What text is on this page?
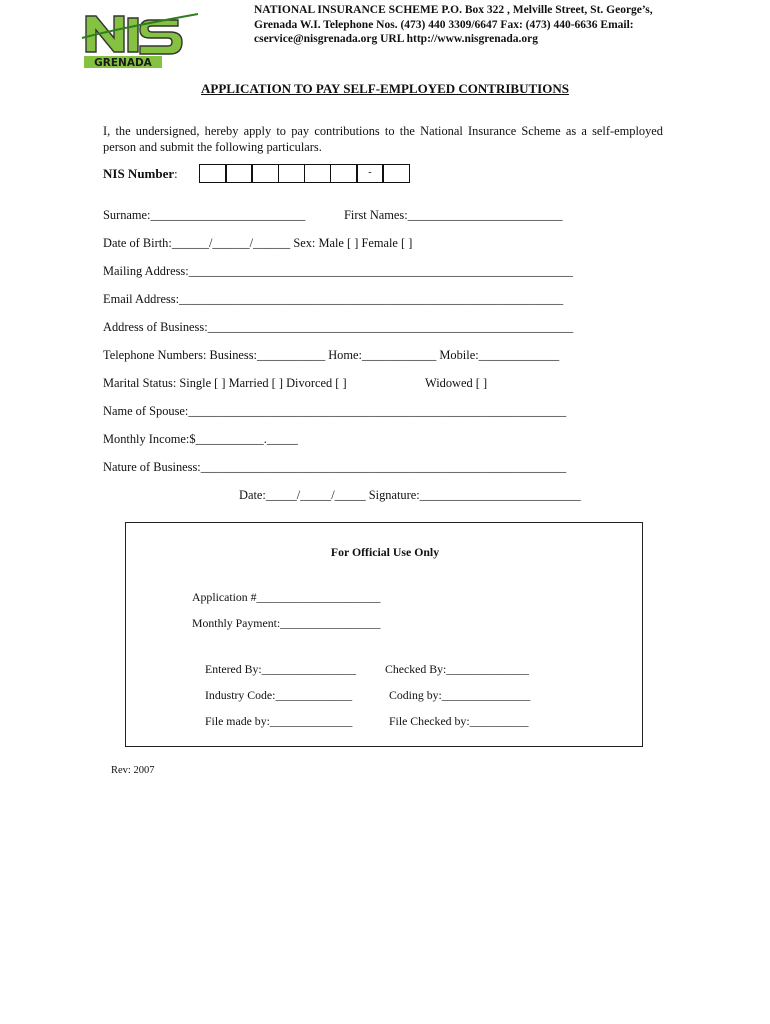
GRENADA
NATIONAL INSURANCE SCHEME P.O. Box 322 , Melville Street, St. George’s,
Grenada W.I. Telephone Nos. (473) 440 3309/6647 Fax: (473) 440-6636 Email:
cservice@nisgrenada.org URL http://www.nisgrenada.org
APPLICATION TO PAY SELF-EMPLOYED CONTRIBUTIONS
I, the undersigned, hereby apply to pay contributions to the National Insurance Scheme as a self-employed person and submit the following particulars.
NIS Number:	-
Surname:_________________________	First Names:_________________________
Date of Birth:______/______/______ Sex: Male [ ] Female [ ]
Mailing Address:______________________________________________________________
Email Address:______________________________________________________________
Address of Business:___________________________________________________________
Telephone Numbers: Business:___________ Home:____________ Mobile:_____________
Marital Status: Single [ ] Married [ ] Divorced [ ]	Widowed [ ]
Name of Spouse:_____________________________________________________________
Monthly Income:$___________._____
Nature of Business:___________________________________________________________
Date:_____/_____/_____ Signature:__________________________
For Official Use Only
Application #_____________________
Monthly Payment:_________________
Entered By:________________ Checked By:______________
Industry Code:_____________	Coding by:_______________
File made by:______________	File Checked by:__________
Rev: 2007
